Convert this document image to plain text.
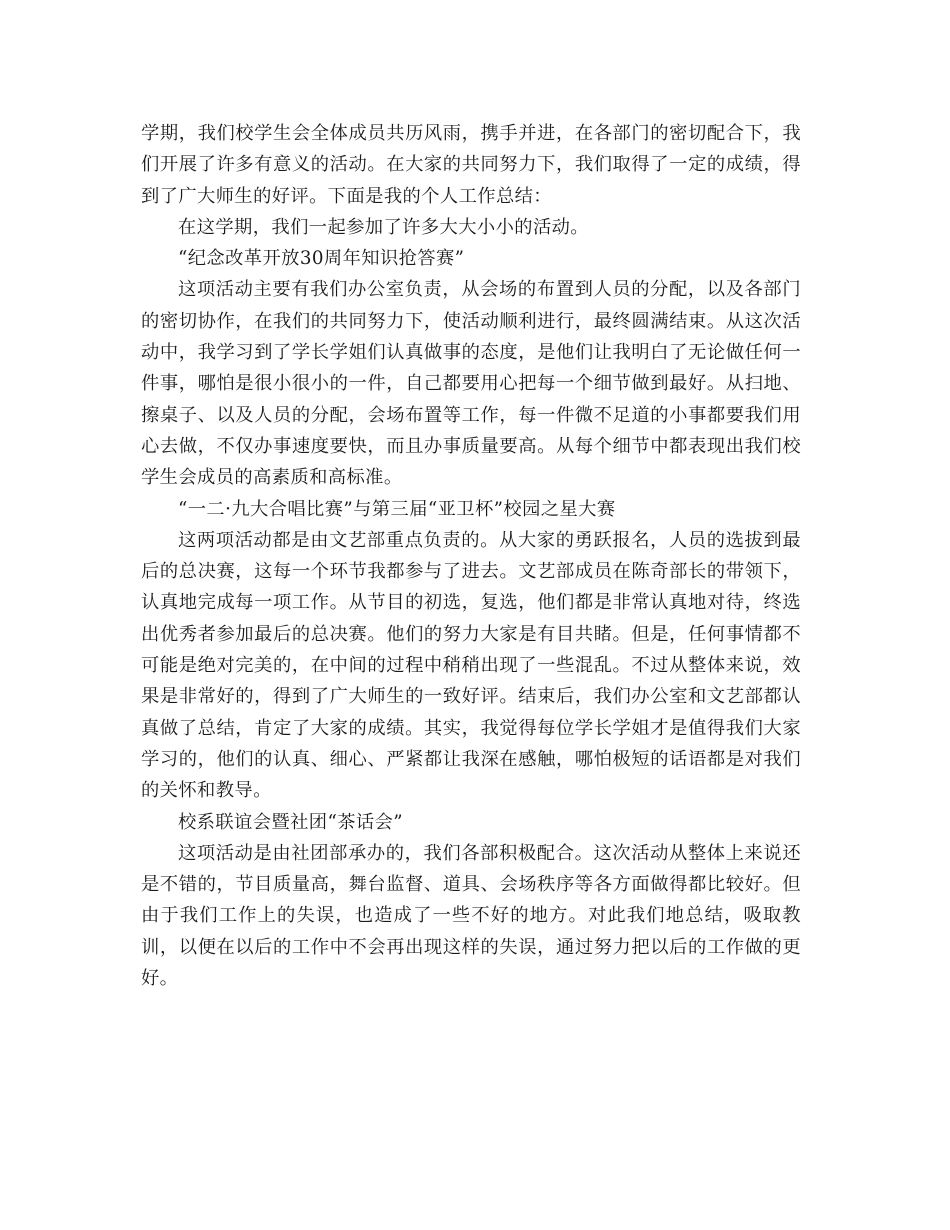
学期，我们校学生会全体成员共历风雨，携手并进，在各部门的密切配合下，我们开展了许多有意义的活动。在大家的共同努力下，我们取得了一定的成绩，得到了广大师生的好评。下面是我的个人工作总结：

在这学期，我们一起参加了许多大大小小的活动。

“纪念改革开放30周年知识抢答赛”

这项活动主要有我们办公室负责，从会场的布置到人员的分配，以及各部门的密切协作，在我们的共同努力下，使活动顺利进行，最终圆满结束。从这次活动中，我学习到了学长学姐们认真做事的态度，是他们让我明白了无论做任何一件事，哪怕是很小很小的一件，自己都要用心把每一个细节做到最好。从扫地、擦桌子、以及人员的分配，会场布置等工作，每一件微不足道的小事都要我们用心去做，不仅办事速度要快，而且办事质量要高。从每个细节中都表现出我们校学生会成员的高素质和高标准。

“一二·九大合唱比赛”与第三届“亚卫杯”校园之星大赛

这两项活动都是由文艺部重点负责的。从大家的勇跃报名，人员的选拔到最后的总决赛，这每一个环节我都参与了进去。文艺部成员在陈奇部长的带领下，认真地完成每一项工作。从节目的初选，复选，他们都是非常认真地对待，终选出优秀者参加最后的总决赛。他们的努力大家是有目共睹。但是，任何事情都不可能是绝对完美的，在中间的过程中稍稍出现了一些混乱。不过从整体来说，效果是非常好的，得到了广大师生的一致好评。结束后，我们办公室和文艺部都认真做了总结，肯定了大家的成绩。其实，我觉得每位学长学姐才是值得我们大家学习的，他们的认真、细心、严紧都让我深在感触，哪怕极短的话语都是对我们的关怀和教导。

校系联谊会暨社团“茶话会”

这项活动是由社团部承办的，我们各部积极配合。这次活动从整体上来说还是不错的，节目质量高，舞台监督、道具、会场秩序等各方面做得都比较好。但由于我们工作上的失误，也造成了一些不好的地方。对此我们地总结，吸取教训，以便在以后的工作中不会再出现这样的失误，通过努力把以后的工作做的更好。
